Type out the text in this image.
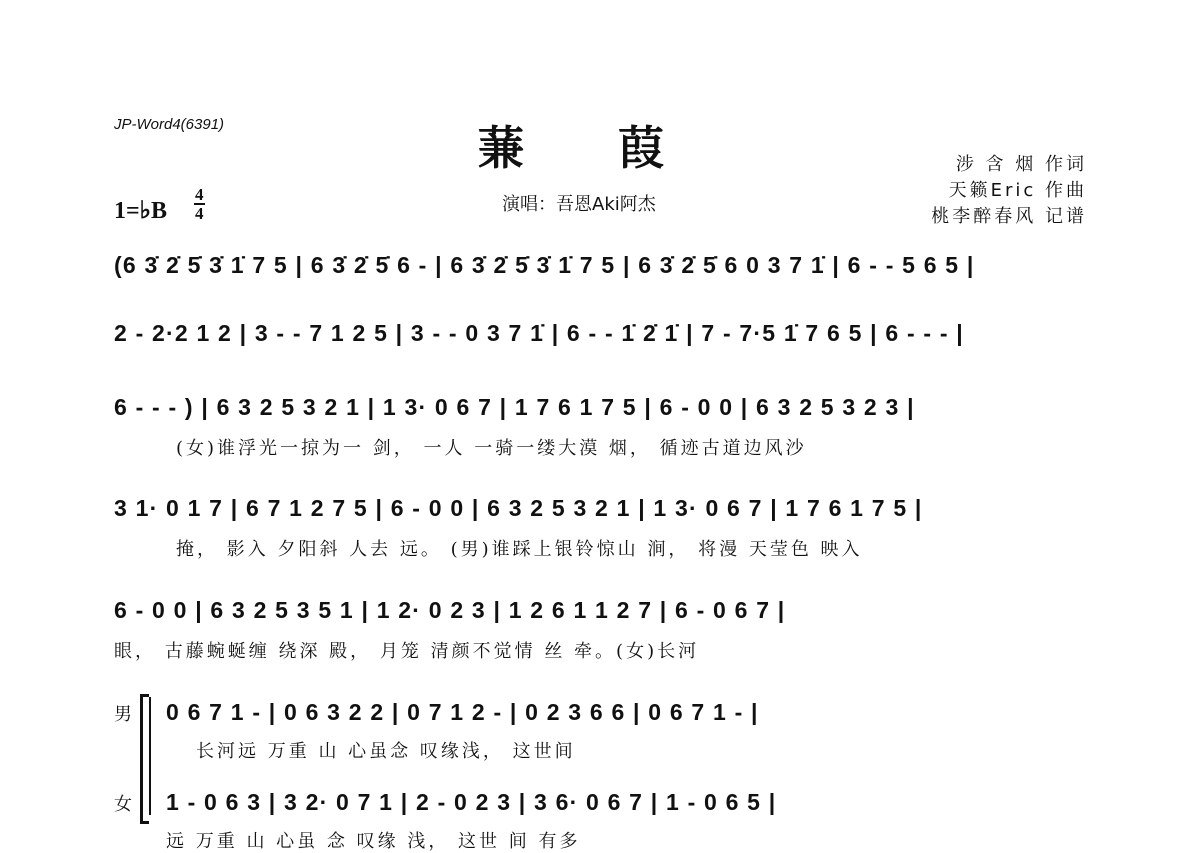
JP-Word4(6391)	蒹葭
演唱：吾恩Aki阿杰
涉 含 烟 作词
天籁Eric 作曲
桃李醉春风 记谱
1=♭B $\frac{4}{4}$
(6 3̇ 2̇ 5̇ 3̇ 1̇ 7 5 | 6 3̇ 2̇ 5̇ 6 - | 6 3̇ 2̇ 5̇ 3̇ 1̇ 7 5 | 6 3̇ 2̇ 5̇ 6 0 3 7 1̇ | 6 - - 5 6 5 |
2 - 2·2 1 2 | 3 - - 7 1 2 5 | 3 - - 0 3 7 1̇ | 6 - - 1̇ 2̇ 1̇ | 7 - 7·5 1̇ 7 6 5 | 6 - - - |
6 - - - ) | 6 3 2 5 3 2 1 | 1 3· 0 6 7 | 1 7 6 1 7 5 | 6 - 0 0 | 6 3 2 5 3 2 3 |
(女)谁浮光一掠为一 剑， 一人 一骑一缕大漠 烟， 循迹古道边风沙
3 1· 0 1 7 | 6 7 1 2 7 5 | 6 - 0 0 | 6 3 2 5 3 2 1 | 1 3· 0 6 7 | 1 7 6 1 7 5 |
掩， 影入 夕阳斜 人去 远。 (男)谁踩上银铃惊山 涧， 将漫 天莹色 映入
6 - 0 0 | 6 3 2 5 3 5 1 | 1 2· 0 2 3 | 1 2 6 1 1 2 7 | 6 - 0 6 7 |
眼， 古藤蜿蜒缠 绕深 殿， 月笼 清颜不觉情 丝 牵。(女)长河
男 0 6 7 1 - | 0 6 3 2 2 | 0 7 1 2 - | 0 2 3 6 6 | 0 6 7 1 - |
长河远 万重 山 心虽念 叹缘浅， 这世间
女 1 - 0 6 3 | 3 2· 0 7 1 | 2 - 0 2 3 | 3 6· 0 6 7 | 1 - 0 6 5 |
远 万重 山 心虽 念 叹缘 浅， 这世 间 有多
